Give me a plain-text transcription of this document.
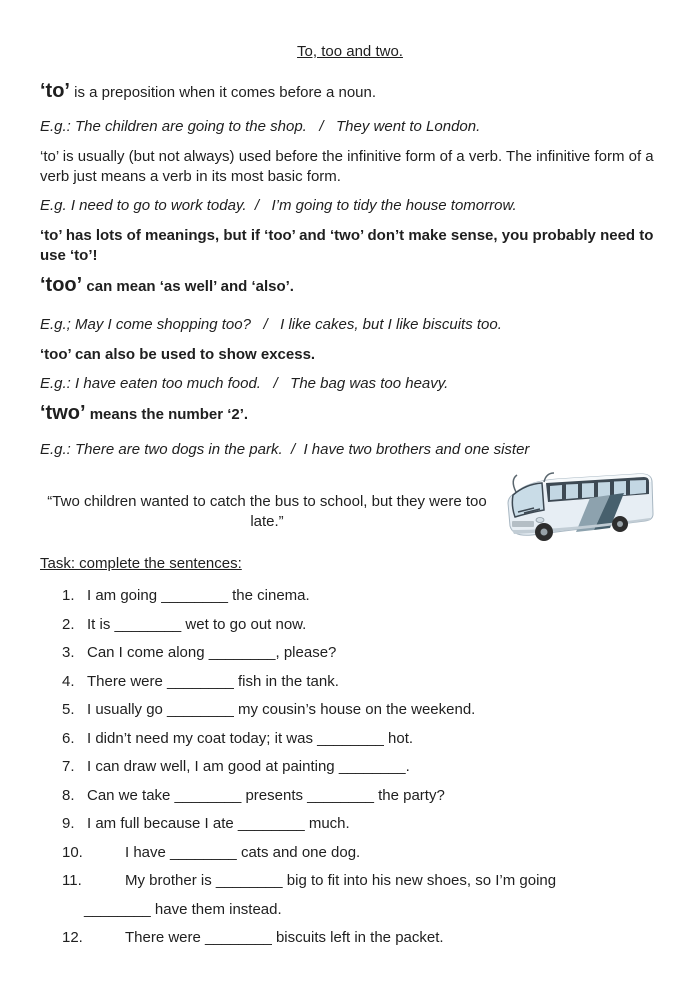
To, too and two.

‘to’ is a preposition when it comes before a noun.

E.g.: The children are going to the shop.   /   They went to London.

‘to’ is usually (but not always) used before the infinitive form of a verb. The infinitive form of a verb just means a verb in its most basic form.

E.g. I need to go to work today.  /   I’m going to tidy the house tomorrow.

‘to’ has lots of meanings, but if ‘too’ and ‘two’ don’t make sense, you probably need to use ‘to’!

‘too’ can mean ‘as well’ and ‘also’.

E.g.; May I come shopping too?   /   I like cakes, but I like biscuits too.

‘too’ can also be used to show excess.

E.g.: I have eaten too much food.   /   The bag was too heavy.

‘two’ means the number ‘2’.

E.g.: There are two dogs in the park.  /  I have two brothers and one sister

“Two children wanted to catch the bus to school, but they were too late.”
Task: complete the sentences:
1. I am going ________ the cinema.
2. It is ________ wet to go out now.
3. Can I come along ________, please?
4. There were ________ fish in the tank.
5. I usually go ________ my cousin’s house on the weekend.
6. I didn’t need my coat today; it was ________ hot.
7. I can draw well, I am good at painting ________.
8. Can we take ________ presents ________ the party?
9. I am full because I ate ________ much.
10.	I have ________ cats and one dog.
11.	My brother is ________ big to fit into his new shoes, so I’m going
________ have them instead.
12.	There were ________ biscuits left in the packet.
